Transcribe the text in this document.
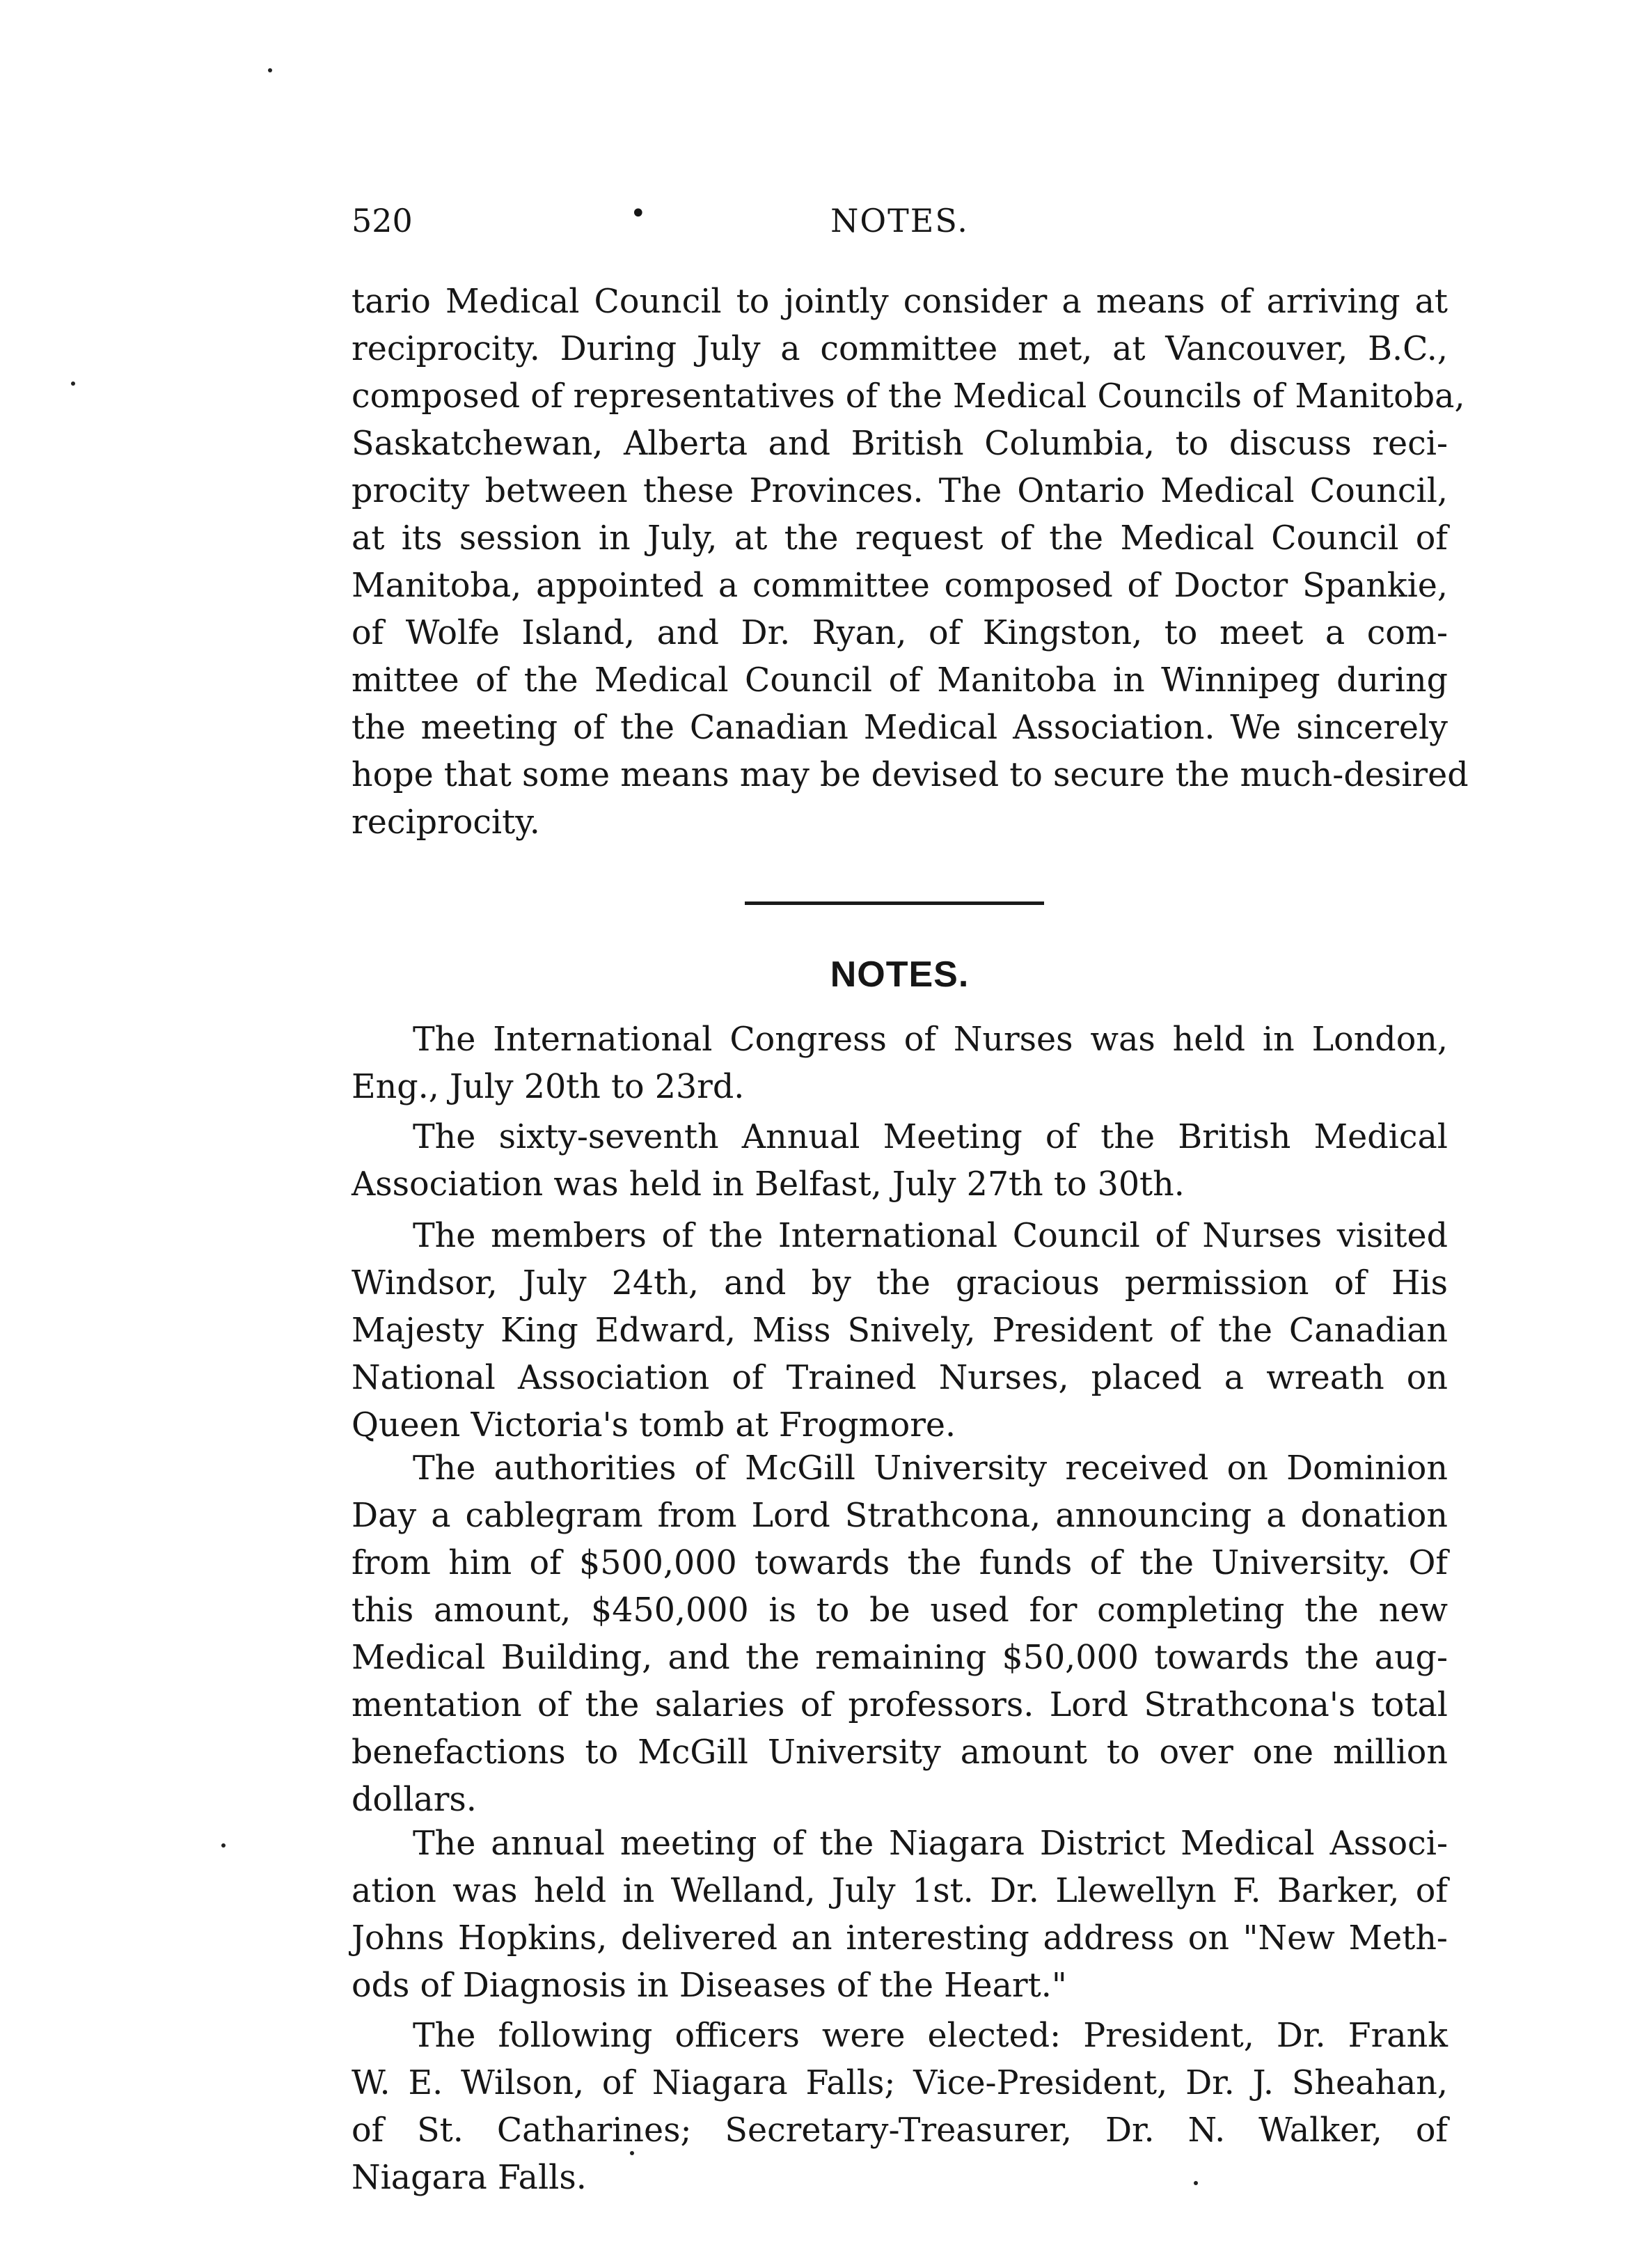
520	•	NOTES.

tario Medical Council to jointly consider a means of arriving at

reciprocity. During July a committee met, at Vancouver, B.C.,

composed of representatives of the Medical Councils of Manitoba,

Saskatchewan, Alberta and British Columbia, to discuss reci-

procity between these Provinces. The Ontario Medical Council,

at its session in July, at the request of the Medical Council of

Manitoba, appointed a committee composed of Doctor Spankie,

of Wolfe Island, and Dr. Ryan, of Kingston, to meet a com-

mittee of the Medical Council of Manitoba in Winnipeg during

the meeting of the Canadian Medical Association. We sincerely

hope that some means may be devised to secure the much-desired

reciprocity.

NOTES.

The International Congress of Nurses was held in London,

Eng., July 20th to 23rd.

The sixty-seventh Annual Meeting of the British Medical

Association was held in Belfast, July 27th to 30th.

The members of the International Council of Nurses visited

Windsor, July 24th, and by the gracious permission of His

Majesty King Edward, Miss Snively, President of the Canadian

National Association of Trained Nurses, placed a wreath on

Queen Victoria's tomb at Frogmore.

The authorities of McGill University received on Dominion

Day a cablegram from Lord Strathcona, announcing a donation

from him of $500,000 towards the funds of the University. Of

this amount, $450,000 is to be used for completing the new

Medical Building, and the remaining $50,000 towards the aug-

mentation of the salaries of professors. Lord Strathcona's total

benefactions to McGill University amount to over one million

dollars.

The annual meeting of the Niagara District Medical Associ-

ation was held in Welland, July 1st. Dr. Llewellyn F. Barker, of

Johns Hopkins, delivered an interesting address on "New Meth-

ods of Diagnosis in Diseases of the Heart."

The following officers were elected: President, Dr. Frank

W. E. Wilson, of Niagara Falls; Vice-President, Dr. J. Sheahan,

of St. Catharines; Secretary-Treasurer, Dr. N. Walker, of

Niagara Falls.
